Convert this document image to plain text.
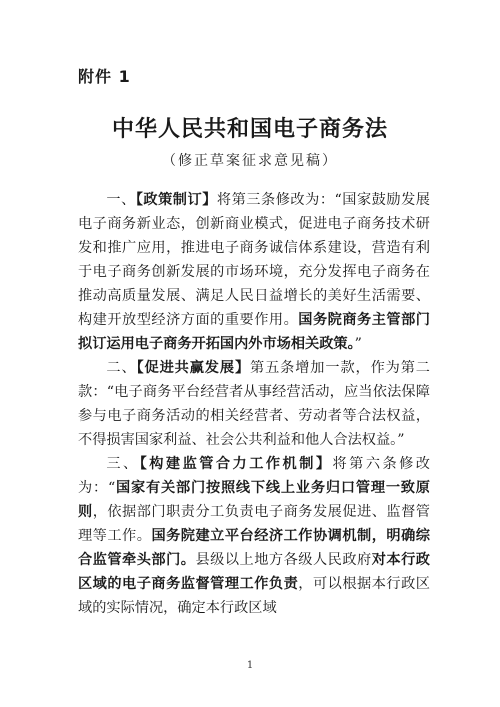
附件 1
中华人民共和国电子商务法
（修正草案征求意见稿）

一、【政策制订】将第三条修改为：“国家鼓励发展电子商务新业态，创新商业模式，促进电子商务技术研发和推广应用，推进电子商务诚信体系建设，营造有利于电子商务创新发展的市场环境，充分发挥电子商务在推动高质量发展、满足人民日益增长的美好生活需要、构建开放型经济方面的重要作用。国务院商务主管部门拟订运用电子商务开拓国内外市场相关政策。”

二、【促进共赢发展】第五条增加一款，作为第二款：“电子商务平台经营者从事经营活动，应当依法保障参与电子商务活动的相关经营者、劳动者等合法权益，不得损害国家利益、社会公共利益和他人合法权益。”

三、【构建监管合力工作机制】将第六条修改为：“国家有关部门按照线下线上业务归口管理一致原则，依据部门职责分工负责电子商务发展促进、监督管理等工作。国务院建立平台经济工作协调机制，明确综合监管牵头部门。县级以上地方各级人民政府对本行政区域的电子商务监督管理工作负责，可以根据本行政区域的实际情况，确定本行政区域

1
